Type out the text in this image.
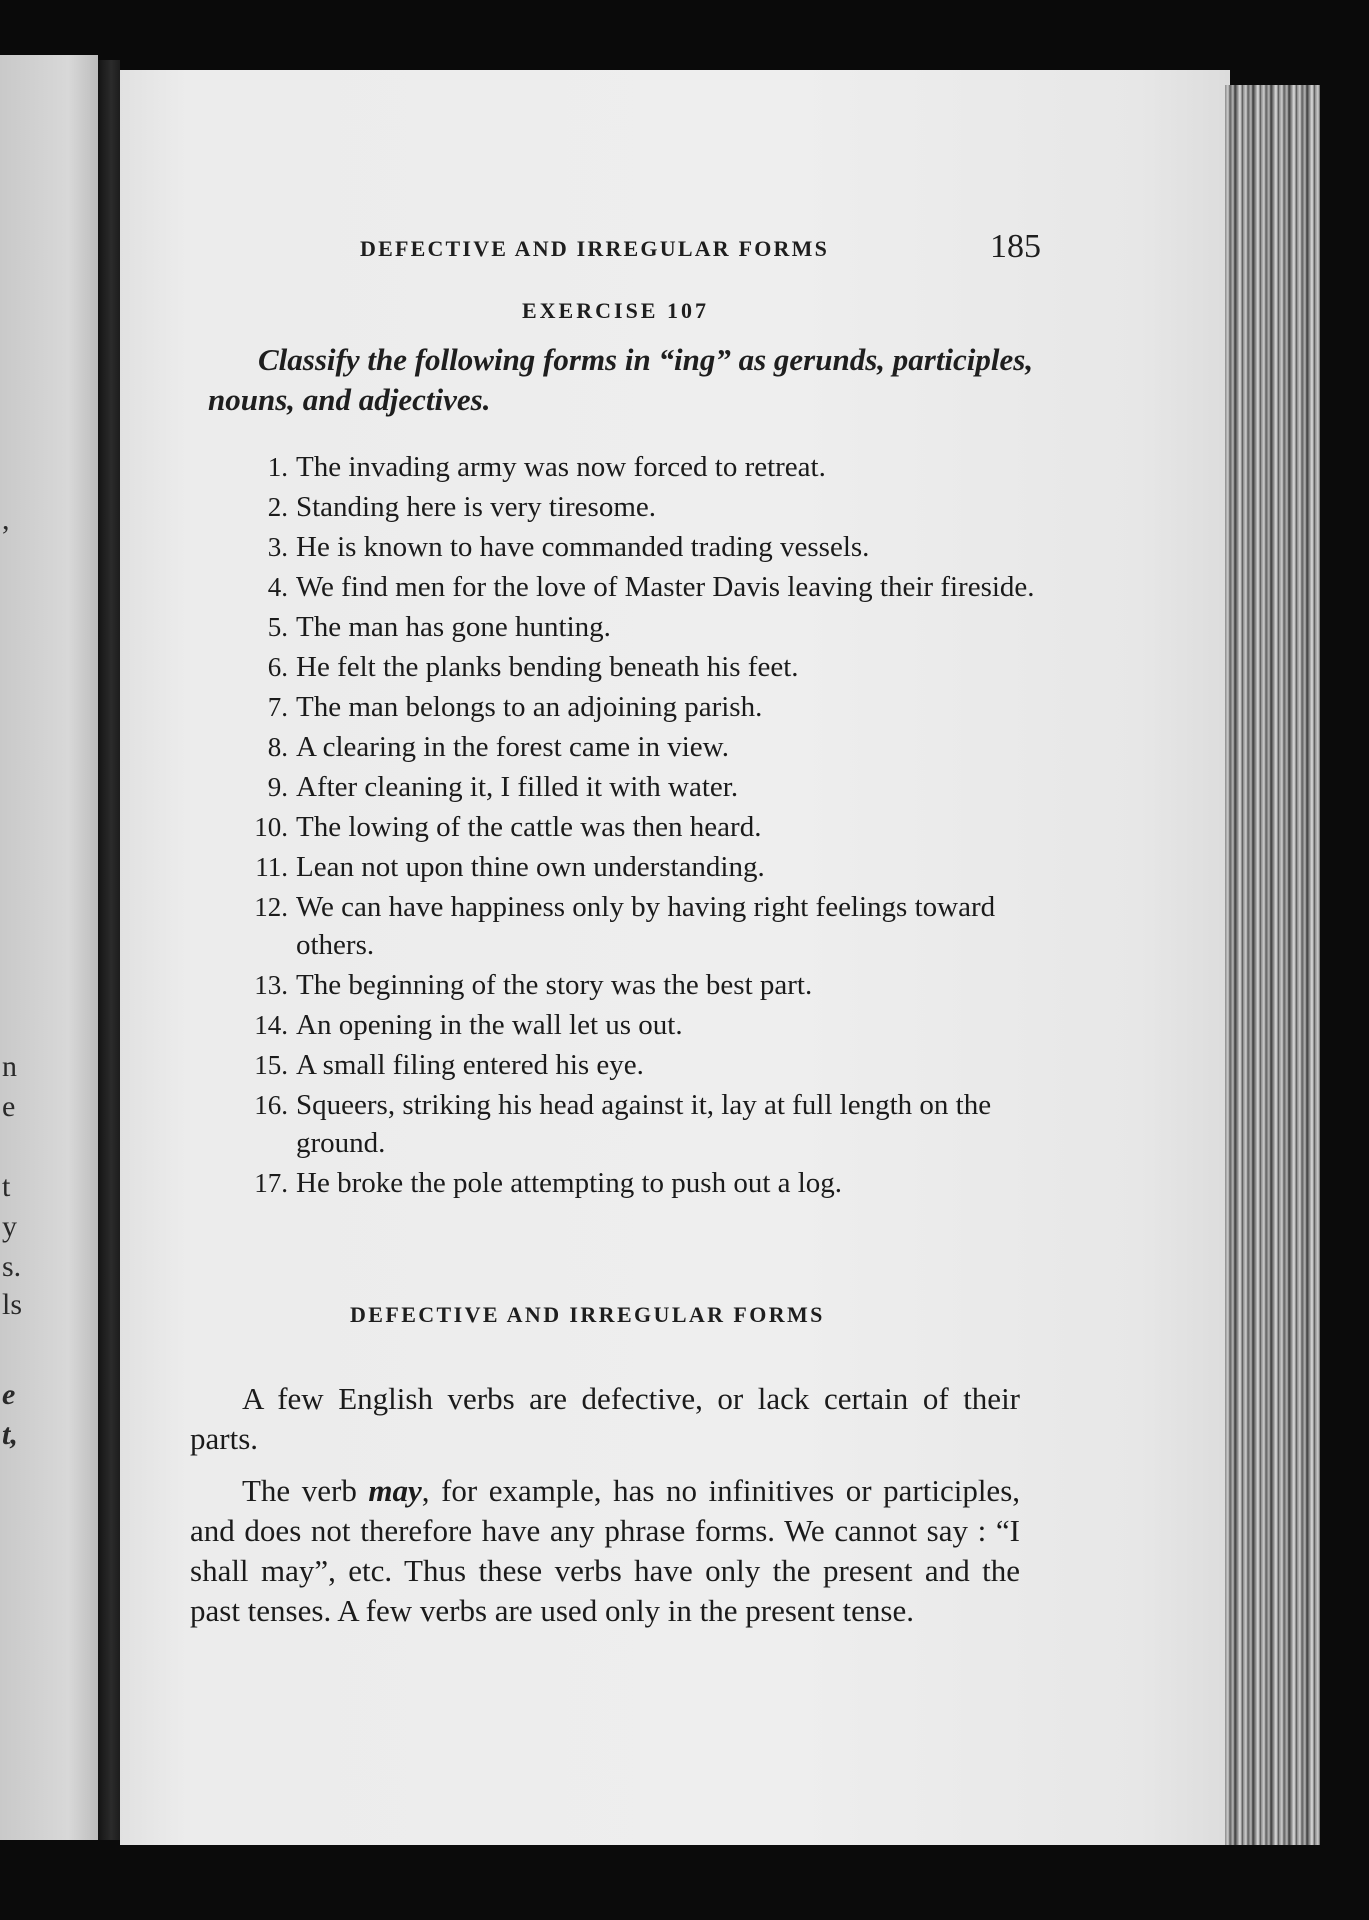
,
n
e
t
y
s.
ls
e
t,
DEFECTIVE AND IRREGULAR FORMS	185
EXERCISE 107
Classify the following forms in “ing” as gerunds, participles, nouns, and adjectives.
1. The invading army was now forced to retreat.
2. Standing here is very tiresome.
3. He is known to have commanded trading vessels.
4. We find men for the love of Master Davis leaving their fireside.
5. The man has gone hunting.
6. He felt the planks bending beneath his feet.
7. The man belongs to an adjoining parish.
8. A clearing in the forest came in view.
9. After cleaning it, I filled it with water.
10. The lowing of the cattle was then heard.
11. Lean not upon thine own understanding.
12. We can have happiness only by having right feelings toward others.
13. The beginning of the story was the best part.
14. An opening in the wall let us out.
15. A small filing entered his eye.
16. Squeers, striking his head against it, lay at full length on the ground.
17. He broke the pole attempting to push out a log.
DEFECTIVE AND IRREGULAR FORMS

A few English verbs are defective, or lack certain of their parts.

The verb may, for example, has no infinitives or participles, and does not therefore have any phrase forms. We cannot say : “I shall may”, etc. Thus these verbs have only the present and the past tenses. A few verbs are used only in the present tense.
